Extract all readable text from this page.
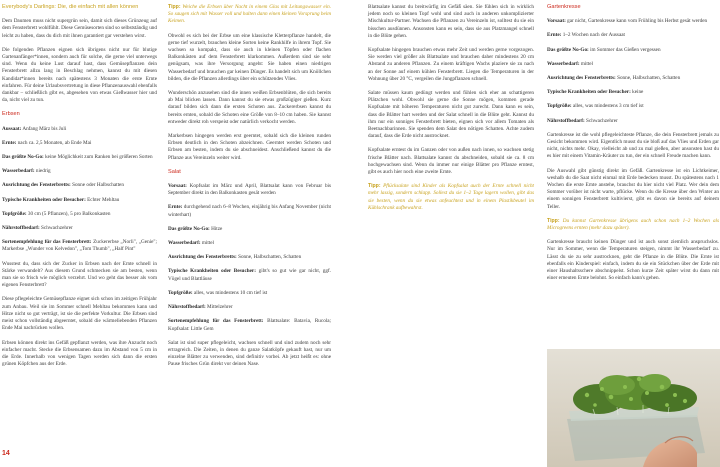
Everybody's Darlings: Die, die einfach mit allen können

Dem Daumen muss nicht supergrün sein, damit sich dieses Grünzeug auf dem Fensterbrett wohlfühlt. Diese Gemüsesorten sind so selbstständig und leicht zu haben, dass du dich mit ihnen garantiert gar verstehen wirst.

Die folgenden Pflanzen eignen sich übrigens nicht nur für blutige Gartenanfänger*innen, sondern auch für solche, die gerne viel unterwegs sind. Wenn du keine Lust darauf hast, dass Gemüsepflanzen dein Fensterbrett allzu lang in Beschlag nehmen, kannst du mit diesen Kandidat*innen bereits nach spätestens 3 Monaten die erste Ernte einfahren. Für deine Urlaubsvertretung in diese Pflanzenauswahl ebenfalls dankbar – schließlich gibt es, abgesehen von etwas Gießwasser hier und da, nicht viel zu tun.

Erbsen

Aussaat: Anfang März bis Juli

Ernte: nach ca. 2,5 Monaten, ab Ende Mai

Das größte No-Go: keine Möglichkeit zum Ranken bei größeren Sorten

Wasserbedarf: niedrig

Ausrichtung des Fensterbretts: Sonne oder Halbschatten

Typische Krankheiten oder Besucher: Echter Mehltau

Topfgröße: 30 cm (5 Pflanzen), 5 pro Balkonkasten

Nährstoffbedarf: Schwachzehrer

Sortenempfehlung für das Fensterbrett: Zuckererbse „Norli", „Genie"; Markerbse „Wunder von Kelvedon", „Tom Thumb", „Half Pint"

Wusstest du, dass sich der Zucker in Erbsen nach der Ernte schnell in Stärke verwandelt? Aus diesem Grund schmecken sie am besten, wenn man sie so frisch wie möglich verzehrt. Und wo geht das besser als vom eigenen Fensterbrett?

Diese pflegeleichte Gemüsepflanze eignet sich schon im zeitigen Frühjahr zum Anbau. Weil sie im Sommer schnell Mehltau bekommen kann und Hitze nicht so gut verträgt, ist sie die perfekte Vorkultur. Die Erbsen sind meist schon vollständig abgeerntet, sobald die wärmeliebenden Pflanzen Ende Mai nachrücken wollen.

Erbsen können direkt ins Gefäß gepflanzt werden, was ihre Anzucht noch einfacher macht. Stecke die Erbsensamen dazu im Abstand von 5 cm in die Erde. Innerhalb von wenigen Tagen werden sich dann die ersten grünen Köpfchen aus der Erde.

Tipp: Weiche die Erbsen über Nacht in einem Glas mit Leitungswasser ein. So saugen sich mit Wasser voll und halten dann einen kleinen Vorsprung beim Keimen.

Obwohl es sich bei der Erbse um eine klassische Kletterpflanze handelt, die gerne tief wurzelt, brauchen kleine Sorten keine Rankhilfe in ihrem Topf. Sie wachsen so kompakt, dass sie auch in kleinen Töpfen oder flachen Balkonkästen auf dem Fensterbrett klarkommen. Außerdem sind sie sehr genügsam, was ihre Versorgung angeht: Sie haben einen niedrigen Wasserbedarf und brauchen gar keinen Dünger. Es handelt sich um Knöllchen bilden, die die Pflanzen allerdings über ein schützendes Vlies.

Wunderschön anzusehen sind die innen weißen Erbsenblüten, die sich bereits ab Mai blicken lassen. Dann kannst du sie etwas großzügiger gießen. Kurz darauf bilden sich dann die ersten Schoten aus. Zuckererbsen kannst du bereits ernten, sobald die Schoten eine Größe von 8–10 cm haben. Sie kannst entweder direkt roh verspeist oder natürlich verkocht werden.

Markerbsen hingegen werden erst geerntet, sobald sich die kleinen runden Erbsen deutlich in den Schoten abzeichnen. Geerntet werden Schoten und Erbsen am besten, indem du sie abschneidest. Anschließend kannst du die Pflanze aus Vereinzeln weiter wird.

Salat

Vorsaat: Kopfsalat im März und April, Blattsalat kann von Februar bis September direkt in den Balkonkasten gesät werden

Ernte: durchgehend nach 6–8 Wochen, einjährig bis Anfang November (nicht winterhart)

Das größte No-Go: Hitze

Wasserbedarf: mittel

Ausrichtung des Fensterbretts: Sonne, Halbschatten, Schatten

Typische Krankheiten oder Besucher: gibt's so gut wie gar nicht, ggf. Vögel und Blattläuse

Topfgröße: alles, was mindestens 10 cm tief ist

Nährstoffbedarf: Mittelzehrer

Sortenempfehlung für das Fensterbrett: Blattsalate: Batavia, Rucola; Kopfsalat: Little Gem

Salat ist sind super pflegeleicht, wachsen schnell und sind zudem noch sehr ertragreich. Die Zeiten, in denen du ganze Salatköpfe gekauft hast, nur um einzelne Blätter zu verwenden, sind definitiv vorbei. Ab jetzt heißt es: ohne Pause frisches Grün direkt vor deinen Nase.

Blattsalate kannst du breitwürfig im Gefäß säen. Sie fühlen sich in wirklich jedem noch so kleinen Topf wohl und sind auch in anderen unkomplizierter Mischkultur-Partner. Wachsen die Pflanzen zu Vereinzeln ist, solltest du sie ein bisschen ausdünnen. Ansonsten kann es sein, dass sie aus Platzmangel schnell in die Blüte gehen.

Kopfsalate hingegen brauchen etwas mehr Zeit und werden gerne vorgezogen. Sie werden viel größer als Blattsalate und brauchen daher mindestens 20 cm Abstand zu anderen Pflanzen. Zu einem kräftigen Wachs plaziere sie zu nach an der Sonne auf einem kühlen Fensterbrett. Liegen die Temperaturen in der Wohnung über 20 °C, vergeilen die Jungpflanzen schnell.

Salate müssen kaum gedüngt werden und fühlen sich eher an schattigeren Plätzchen wohl. Obwohl sie gerne die Sonne mögen, kommen gerade Kopfsalate mit höheren Temperaturen nicht gut zurecht. Dann kann es sein, dass die Blätter hart werden und der Salat schnell in die Blüte geht. Kannst du ihm nur ein sonniges Fensterbrett bieten, eignen sich vor allem Tomaten als Beetnachbarinnen. Sie spenden dem Salat den nötigen Schatten. Achte zudem darauf, dass die Erde nicht austrocknet.

Kopfsalate erntest du im Ganzen oder von außen nach innen, so wachsen stetig frische Blätter nach. Blattsalate kannst du abschneiden, sobald sie ca. 8 cm hochgewachsen sind. Wenn du immer nur einige Blätter pro Pflanze erntest, gibt es auch hier noch eine zweite Ernte.

Tipp: Pflücksalate sind Kinder als Kopfsalat auch der Ernte schnell nicht mehr lassig, sondern schlapp. Sollest du sie 1–2 Tage lagern wollen, gibt das sie besten, wenn du sie etwas anfeuchtest und in einem Plastikbeutel im Kühlschrank aufbewahrst.

Gartenkresse

Vorsaat: gar nicht, Gartenkresse kann vom Frühling bis Herbst gesät werden

Ernte: 1–2 Wochen nach der Aussaat

Das größte No-Go: im Sommer das Gießen vergessen

Wasserbedarf: mittel

Ausrichtung des Fensterbretts: Sonne, Halbschatten, Schatten

Typische Krankheiten oder Besucher: keine

Topfgröße: alles, was mindestens 3 cm tief ist

Nährstoffbedarf: Schwachzehrer

Gartenkresse ist die wohl pflegeleichteste Pflanze, die dein Fensterbrett jemals zu Gesicht bekommen wird. Eigentlich musst du sie bloß auf das Vlies und Erden gar nicht, nichts mehr. Okay, vielleicht ab und zu mal gießen, aber ansonsten hast du es hier mit einem Vitamin-Kräuter zu tun, der ein schnell Freude machen kann.

Die Auswahl gibt günstig direkt im Gefäß. Gartenkresse ist ein Lichtkeimer, weshalb du die Saat nicht einmal mit Erde bedecken musst. Du spätestens nach 1 Wochen die erste Ernte anstehe, brauchst du hier nicht viel Platz. Wer dein dem Sommer vorüber ist nicht warte, pflücke. Wenn du die Kresse über den Winter an einem sonnigen Fensterbrett kultivierst, gibt es davon sie bereits auf deinem Teller.

Tipp: Du kannst Gartenkresse übrigens auch schon nach 1–2 Wochen als Microgreens ernten (mehr dazu später).

Gartenkresse braucht keinen Dünger und ist auch sonst ziemlich anspruchslos. Nur im Sommer, wenn die Temperaturen steigen, nimmt ihr Wasserbedarf zu. Lässt du sie zu sehr austrocknen, geht die Pflanze in die Blüte. Die Ernte ist ebenfalls ein Kinderspiel: einfach, indem du sie ein Stückchen über der Erde mit einer Haushaltsschere abschnippelst. Schon kurze Zeit später wirst du dann mit einer erneuten Ernte belohnt. So einfach kann's gehen.

14
